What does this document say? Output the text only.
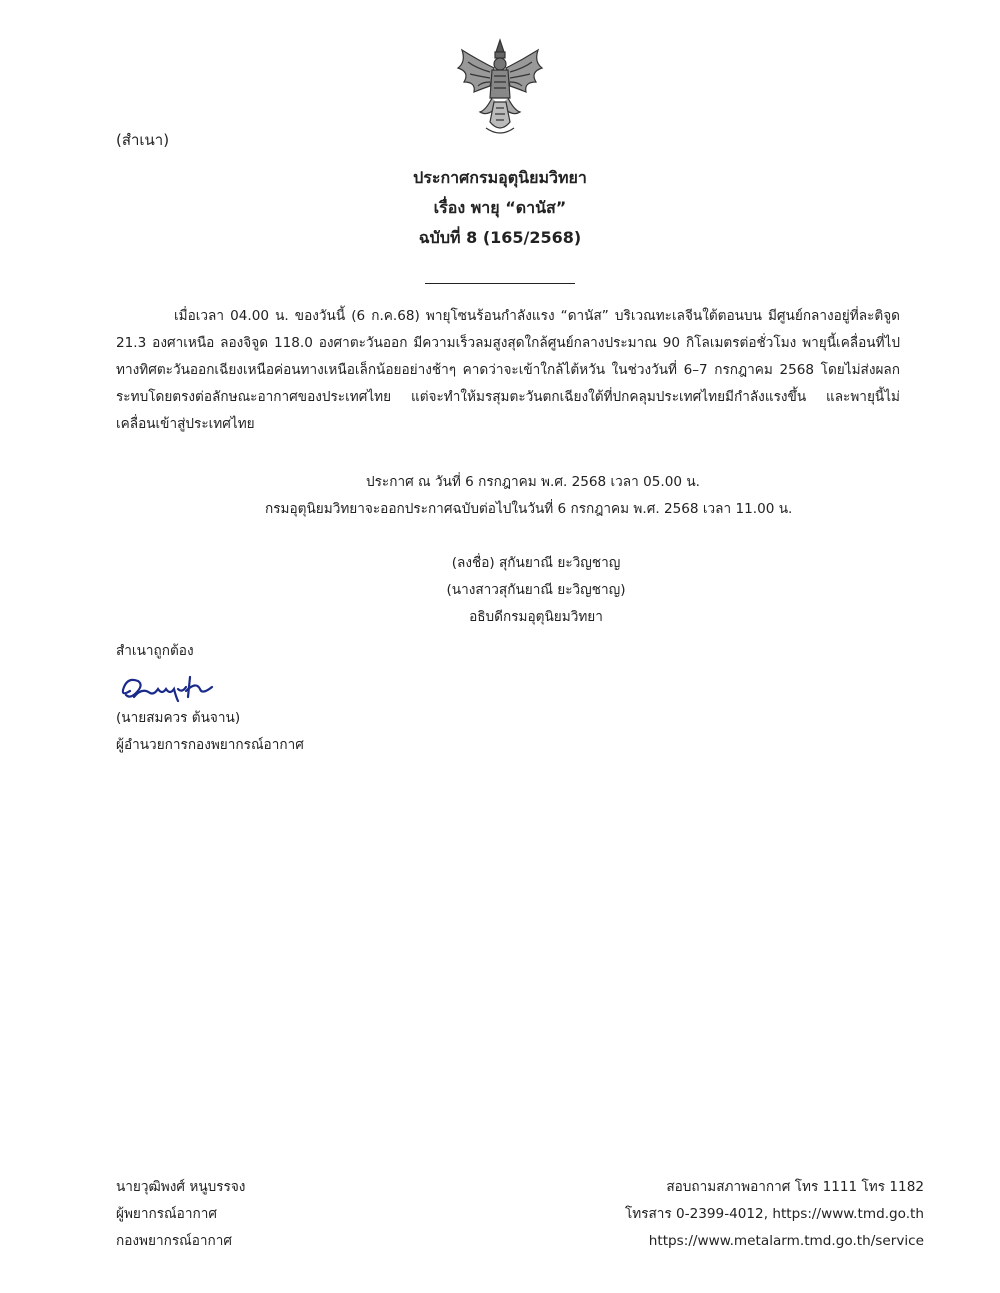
(สำเนา)

ประกาศกรมอุตุนิยมวิทยา

เรื่อง พายุ “ดานัส”

ฉบับที่ 8 (165/2568)

เมื่อเวลา 04.00 น. ของวันนี้ (6 ก.ค.68) พายุโซนร้อนกำลังแรง “ดานัส” บริเวณทะเลจีนใต้ตอนบน มีศูนย์กลางอยู่ที่ละติจูด 21.3 องศาเหนือ ลองจิจูด 118.0 องศาตะวันออก มีความเร็วลมสูงสุดใกล้ศูนย์กลางประมาณ 90 กิโลเมตรต่อชั่วโมง พายุนี้เคลื่อนที่ไปทางทิศตะวันออกเฉียงเหนือค่อนทางเหนือเล็กน้อยอย่างช้าๆ คาดว่าจะเข้าใกล้ไต้หวัน ในช่วงวันที่ 6–7 กรกฎาคม 2568 โดยไม่ส่งผลกระทบโดยตรงต่อลักษณะอากาศของประเทศไทย แต่จะทำให้มรสุมตะวันตกเฉียงใต้ที่ปกคลุมประเทศไทยมีกำลังแรงขึ้น และพายุนี้ไม่เคลื่อนเข้าสู่ประเทศไทย

ประกาศ ณ วันที่ 6 กรกฎาคม พ.ศ. 2568 เวลา 05.00 น.
กรมอุตุนิยมวิทยาจะออกประกาศฉบับต่อไปในวันที่ 6 กรกฎาคม พ.ศ. 2568 เวลา 11.00 น.
(ลงชื่อ) สุกันยาณี ยะวิญชาญ
(นางสาวสุกันยาณี ยะวิญชาญ)
อธิบดีกรมอุตุนิยมวิทยา
สำเนาถูกต้อง
(นายสมควร ต้นจาน)
ผู้อำนวยการกองพยากรณ์อากาศ
นายวุฒิพงศ์ หนูบรรจง
ผู้พยากรณ์อากาศ
กองพยากรณ์อากาศ
สอบถามสภาพอากาศ โทร 1111 โทร 1182
โทรสาร 0-2399-4012, https://www.tmd.go.th
https://www.metalarm.tmd.go.th/service
